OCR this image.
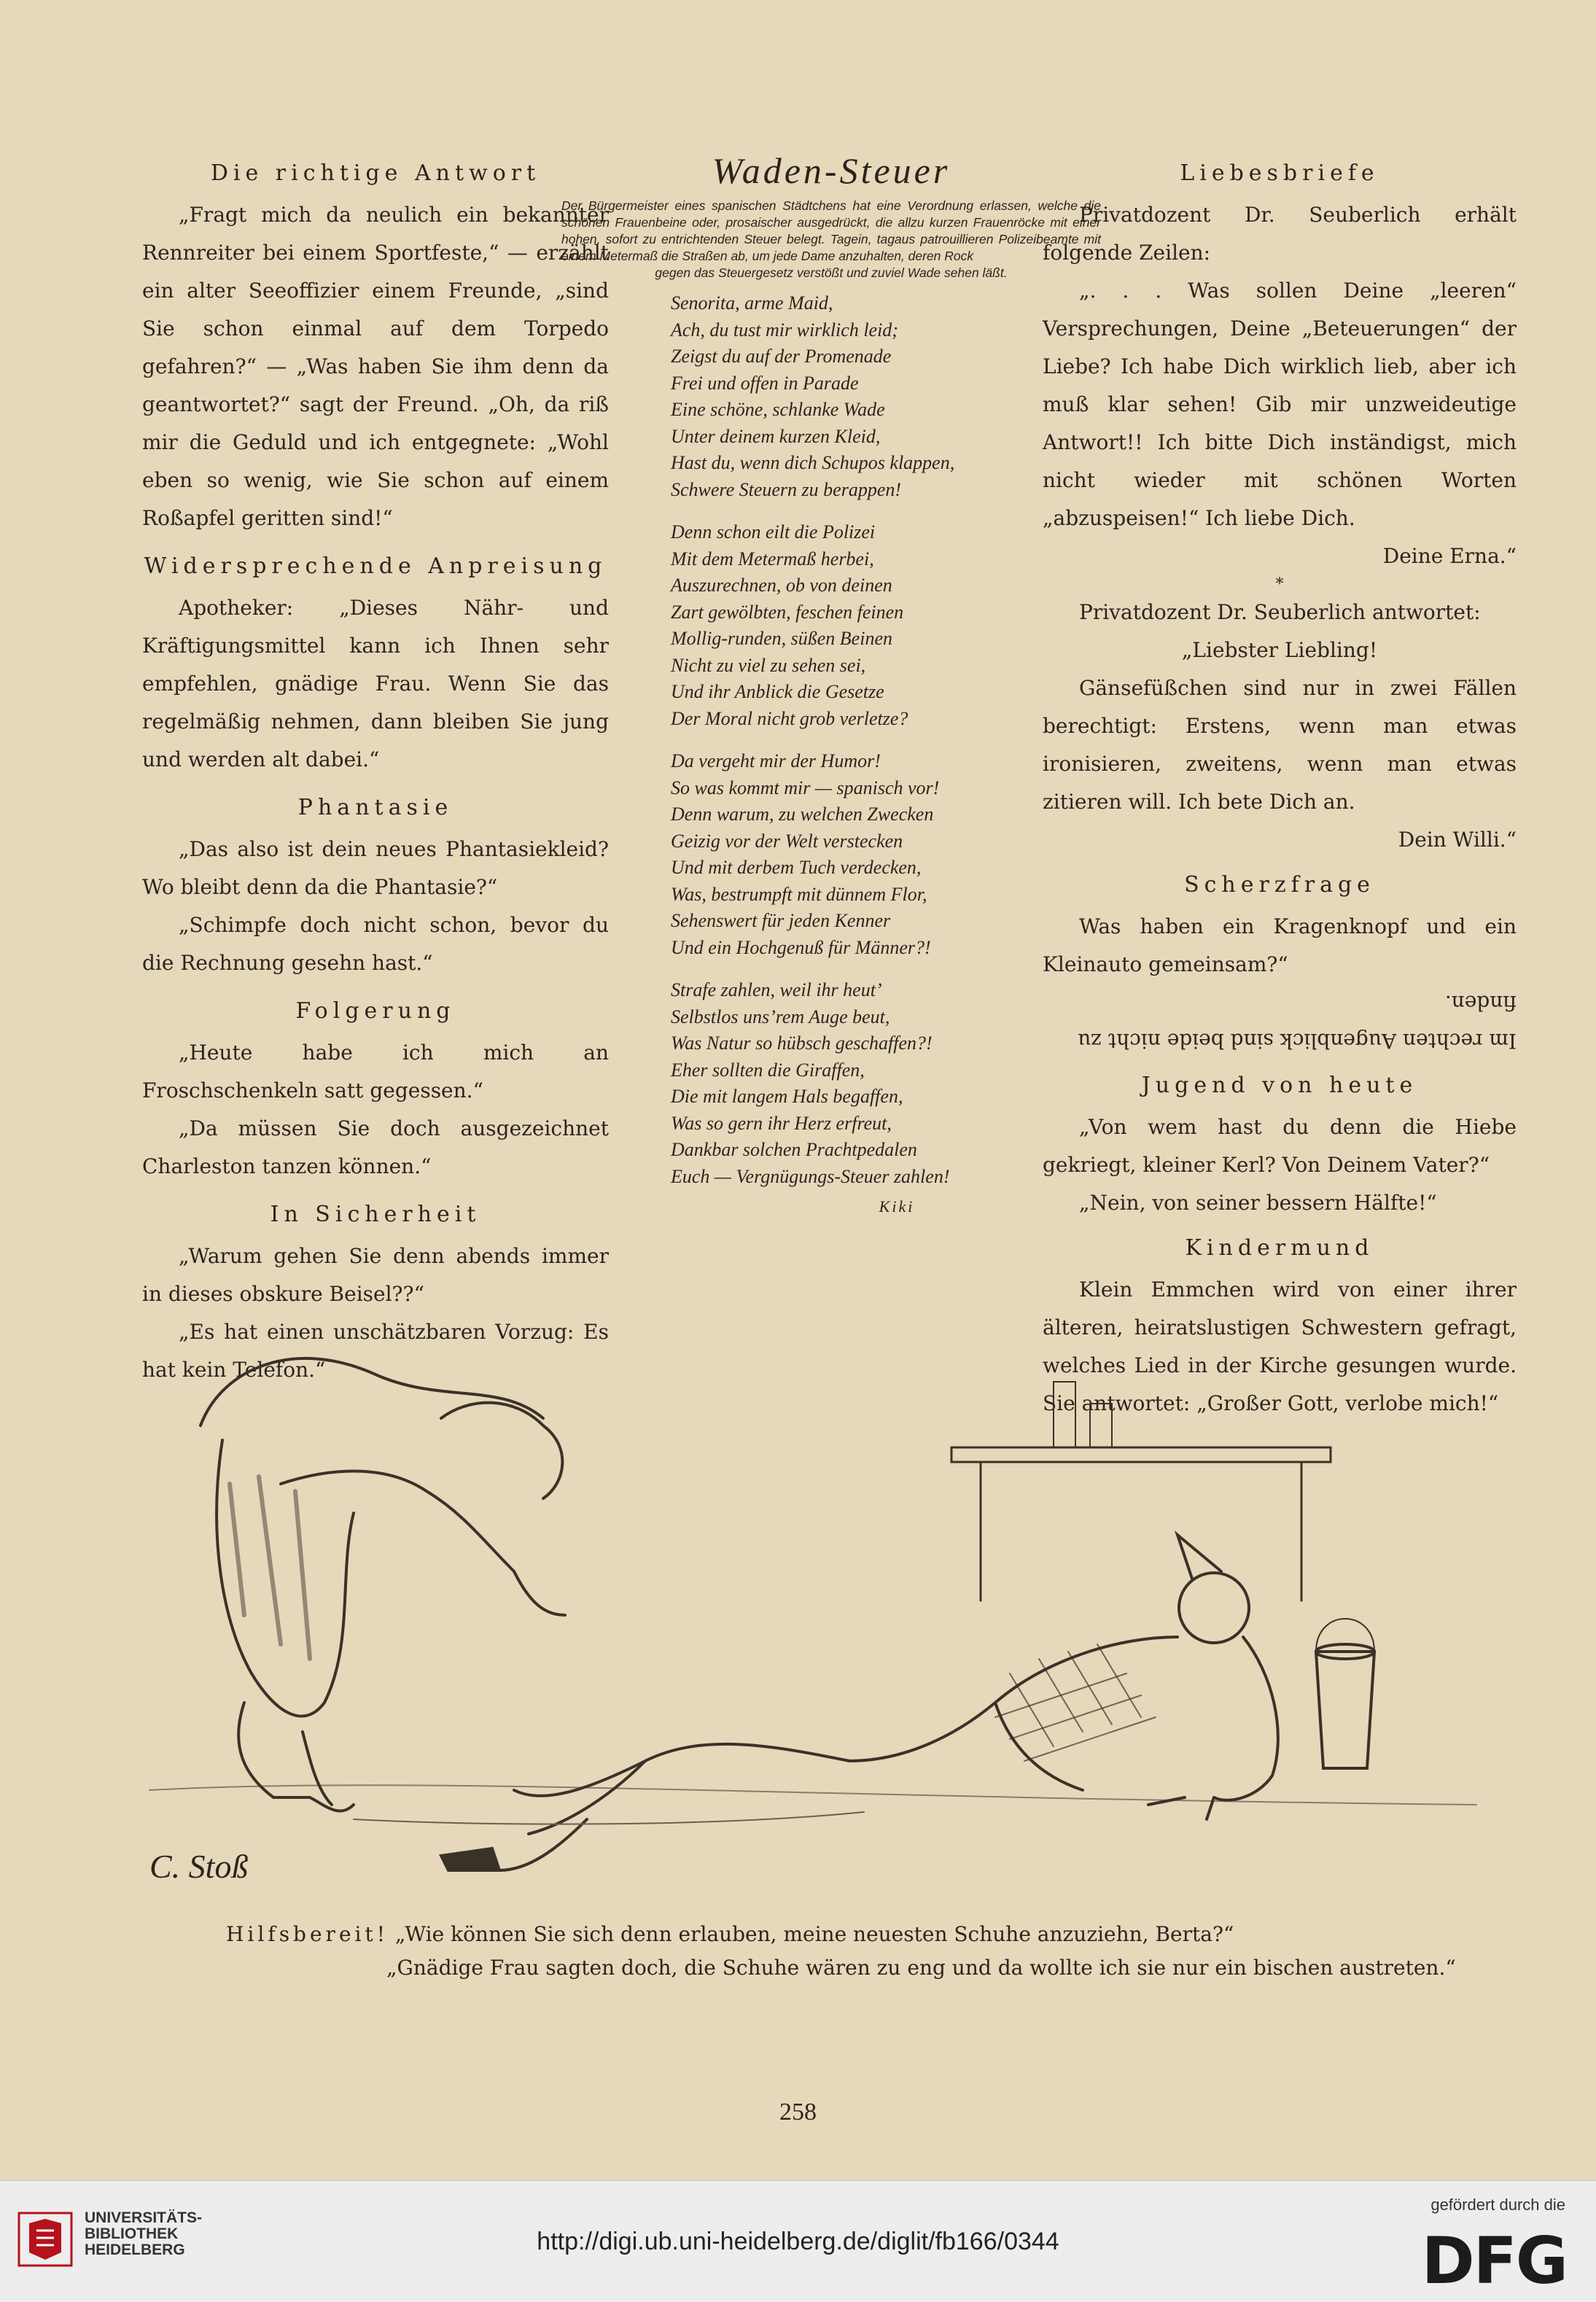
Die richtige Antwort

„Fragt mich da neulich ein bekannter Rennreiter bei einem Sportfeste,“ — erzählt ein alter Seeoffizier einem Freunde, „sind Sie schon einmal auf dem Torpedo gefahren?“ — „Was haben Sie ihm denn da geantwortet?“ sagt der Freund. „Oh, da riß mir die Geduld und ich entgegnete: „Wohl eben so wenig, wie Sie schon auf einem Roßapfel geritten sind!“

Widersprechende Anpreisung

Apotheker: „Dieses Nähr- und Kräftigungsmittel kann ich Ihnen sehr empfehlen, gnädige Frau. Wenn Sie das regelmäßig nehmen, dann bleiben Sie jung und werden alt dabei.“

Phantasie

„Das also ist dein neues Phantasiekleid? Wo bleibt denn da die Phantasie?“

„Schimpfe doch nicht schon, bevor du die Rechnung gesehn hast.“

Folgerung

„Heute habe ich mich an Froschschenkeln satt gegessen.“

„Da müssen Sie doch ausgezeichnet Charleston tanzen können.“

In Sicherheit

„Warum gehen Sie denn abends immer in dieses obskure Beisel??“

„Es hat einen unschätzbaren Vorzug: Es hat kein Telefon.“

Waden-Steuer
Der Bürgermeister eines spanischen Städtchens hat eine Verordnung erlassen, welche die schönen Frauenbeine oder, prosaischer ausgedrückt, die allzu kurzen Frauenröcke mit einer hohen, sofort zu entrichtenden Steuer belegt. Tagein, tagaus patrouillieren Polizeibeamte mit einem Metermaß die Straßen ab, um jede Dame anzuhalten, deren Rock
gegen das Steuergesetz verstößt und zuviel Wade sehen läßt.
Senorita, arme Maid,
Ach, du tust mir wirklich leid;
Zeigst du auf der Promenade
Frei und offen in Parade
Eine schöne, schlanke Wade
Unter deinem kurzen Kleid,
Hast du, wenn dich Schupos klappen,
Schwere Steuern zu berappen!
Denn schon eilt die Polizei
Mit dem Metermaß herbei,
Auszurechnen, ob von deinen
Zart gewölbten, feschen feinen
Mollig-runden, süßen Beinen
Nicht zu viel zu sehen sei,
Und ihr Anblick die Gesetze
Der Moral nicht grob verletze?
Da vergeht mir der Humor!
So was kommt mir — spanisch vor!
Denn warum, zu welchen Zwecken
Geizig vor der Welt verstecken
Und mit derbem Tuch verdecken,
Was, bestrumpft mit dünnem Flor,
Sehenswert für jeden Kenner
Und ein Hochgenuß für Männer?!
Strafe zahlen, weil ihr heut’
Selbstlos uns’rem Auge beut,
Was Natur so hübsch geschaffen?!
Eher sollten die Giraffen,
Die mit langem Hals begaffen,
Was so gern ihr Herz erfreut,
Dankbar solchen Prachtpedalen
Euch — Vergnügungs-Steuer zahlen!
Kiki
Liebesbriefe

Privatdozent Dr. Seuberlich erhält folgende Zeilen:

„. . . Was sollen Deine „leeren“ Versprechungen, Deine „Beteuerungen“ der Liebe? Ich habe Dich wirklich lieb, aber ich muß klar sehen! Gib mir unzweideutige Antwort!! Ich bitte Dich inständigst, mich nicht wieder mit schönen Worten „abzuspeisen!“ Ich liebe Dich.

Deine Erna.“

*

Privatdozent Dr. Seuberlich antwortet:

„Liebster Liebling!

Gänsefüßchen sind nur in zwei Fällen berechtigt: Erstens, wenn man etwas ironisieren, zweitens, wenn man etwas zitieren will. Ich bete Dich an.

Dein Willi.“

Scherzfrage

Was haben ein Kragenknopf und ein Kleinauto gemeinsam?“

Im rechten Augenblick sind beide nicht zu finden.

Jugend von heute

„Von wem hast du denn die Hiebe gekriegt, kleiner Kerl? Von Deinem Vater?“

„Nein, von seiner bessern Hälfte!“

Kindermund

Klein Emmchen wird von einer ihrer älteren, heiratslustigen Schwestern gefragt, welches Lied in der Kirche gesungen wurde. Sie antwortet: „Großer Gott, verlobe mich!“

C. Stoß
Hilfsbereit! „Wie können Sie sich denn erlauben, meine neuesten Schuhe anzuziehn, Berta?“
„Gnädige Frau sagten doch, die Schuhe wären zu eng und da wollte ich sie nur ein bischen austreten.“
258
UNIVERSITÄTS-
BIBLIOTHEK
HEIDELBERG	http://digi.ub.uni-heidelberg.de/diglit/fb166/0344
gefördert durch die
DFG
